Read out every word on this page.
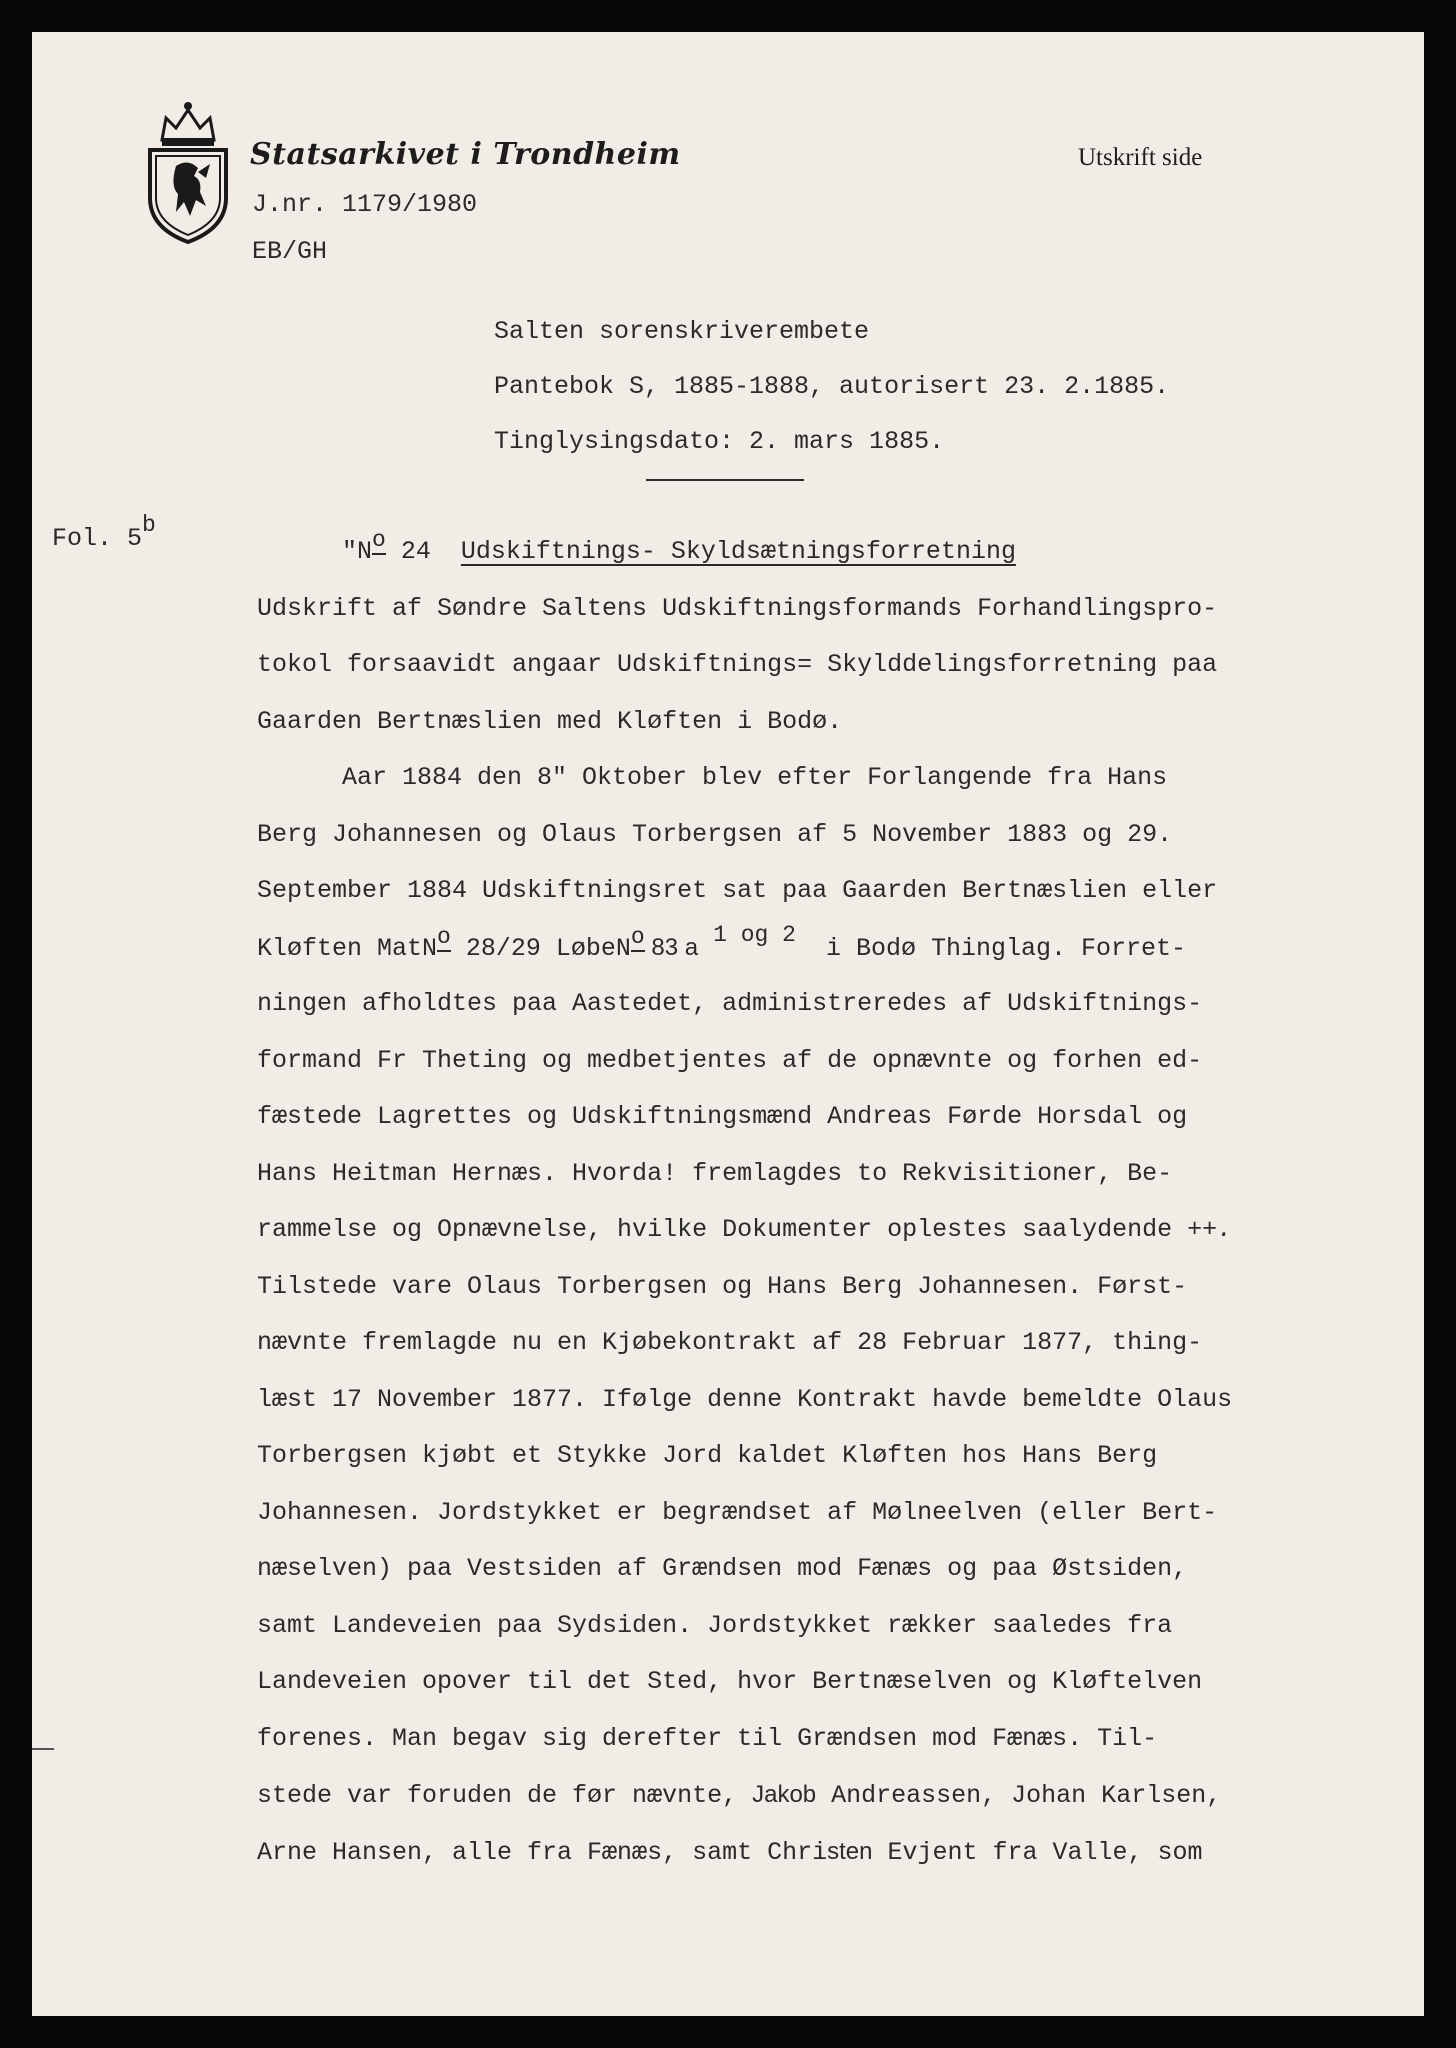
Statsarkivet i Trondheim	Utskrift side
J.nr. 1179/1980
EB/GH
Salten sorenskriverembete
Pantebok S, 1885-1888, autorisert 23. 2.1885.
Tinglysingsdato: 2. mars 1885.
Fol. 5b
"No 24 Udskiftnings- Skyldsætningsforretning
Udskrift af Søndre Saltens Udskiftningsformands Forhandlingspro-
tokol forsaavidt angaar Udskiftnings= Skylddelingsforretning paa
Gaarden Bertnæslien med Kløften i Bodø.
Aar 1884 den 8" Oktober blev efter Forlangende fra Hans
Berg Johannesen og Olaus Torbergsen af 5 November 1883 og 29.
September 1884 Udskiftningsret sat paa Gaarden Bertnæslien eller
Kløften MatNo 28/29 LøbeNo 83 a 1 og 2 i Bodø Thinglag. Forret-
ningen afholdtes paa Aastedet, administreredes af Udskiftnings-
formand Fr Theting og medbetjentes af de opnævnte og forhen ed-
fæstede Lagrettes og Udskiftningsmænd Andreas Førde Horsdal og
Hans Heitman Hernæs. Hvorda! fremlagdes to Rekvisitioner, Be-
rammelse og Opnævnelse, hvilke Dokumenter oplestes saalydende ++.
Tilstede vare Olaus Torbergsen og Hans Berg Johannesen. Først-
nævnte fremlagde nu en Kjøbekontrakt af 28 Februar 1877, thing-
læst 17 November 1877. Ifølge denne Kontrakt havde bemeldte Olaus
Torbergsen kjøbt et Stykke Jord kaldet Kløften hos Hans Berg
Johannesen. Jordstykket er begrændset af Mølneelven (eller Bert-
næselven) paa Vestsiden af Grændsen mod Fænæs og paa Østsiden,
samt Landeveien paa Sydsiden. Jordstykket rækker saaledes fra
Landeveien opover til det Sted, hvor Bertnæselven og Kløftelven
forenes. Man begav sig derefter til Grændsen mod Fænæs. Til-
stede var foruden de før nævnte, Jakob Andreassen, Johan Karlsen,
Arne Hansen, alle fra Fænæs, samt Christen Evjent fra Valle, som
